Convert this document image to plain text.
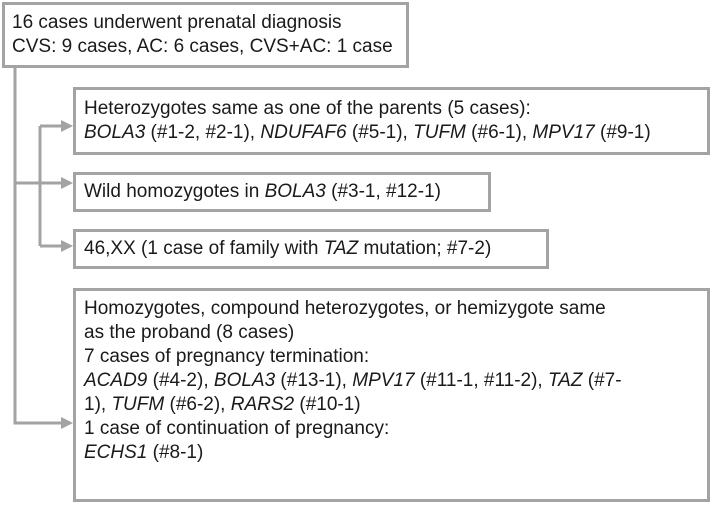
16 cases underwent prenatal diagnosis
CVS: 9 cases, AC: 6 cases, CVS+AC: 1 case
Heterozygotes same as one of the parents (5 cases):
BOLA3 (#1-2, #2-1), NDUFAF6 (#5-1), TUFM (#6-1), MPV17 (#9-1)
Wild homozygotes in BOLA3 (#3-1, #12-1)
46,XX (1 case of family with TAZ mutation; #7-2)
Homozygotes, compound heterozygotes, or hemizygote same
as the proband (8 cases)
7 cases of pregnancy termination:
ACAD9 (#4-2), BOLA3 (#13-1), MPV17 (#11-1, #11-2), TAZ (#7-
1), TUFM (#6-2), RARS2 (#10-1)
1 case of continuation of pregnancy:
ECHS1 (#8-1)
